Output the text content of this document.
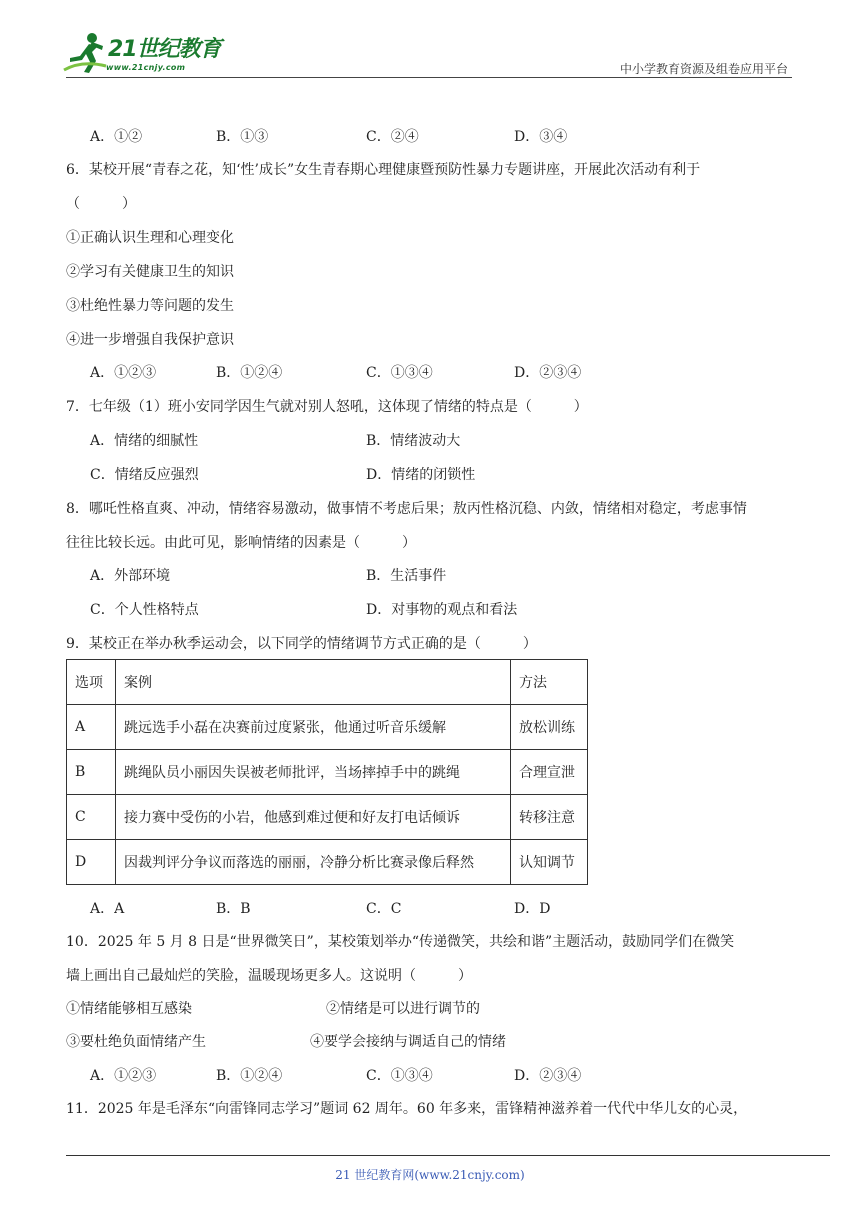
21世纪教育
www.21cnjy.com	中小学教育资源及组卷应用平台
A．①②	B．①③	C．②④	D．③④
6．某校开展“青春之花，知‘性’成长”女生青春期心理健康暨预防性暴力专题讲座，开展此次活动有利于
（　　　）
①正确认识生理和心理变化
②学习有关健康卫生的知识
③杜绝性暴力等问题的发生
④进一步增强自我保护意识
A．①②③	B．①②④	C．①③④	D．②③④
7．七年级（1）班小安同学因生气就对别人怒吼，这体现了情绪的特点是（　　　）
A．情绪的细腻性	B．情绪波动大
C．情绪反应强烈	D．情绪的闭锁性
8．哪吒性格直爽、冲动，情绪容易激动，做事情不考虑后果；敖丙性格沉稳、内敛，情绪相对稳定，考虑事情
往往比较长远。由此可见，影响情绪的因素是（　　　）
A．外部环境	B．生活事件
C．个人性格特点	D．对事物的观点和看法
9．某校正在举办秋季运动会，以下同学的情绪调节方式正确的是（　　　）
选项	案例	方法
A	跳远选手小磊在决赛前过度紧张，他通过听音乐缓解	放松训练
B	跳绳队员小丽因失误被老师批评，当场摔掉手中的跳绳	合理宣泄
C	接力赛中受伤的小岩，他感到难过便和好友打电话倾诉	转移注意
D	因裁判评分争议而落选的丽丽，冷静分析比赛录像后释然	认知调节
A．A	B．B	C．C	D．D
10．2025 年 5 月 8 日是“世界微笑日”，某校策划举办“传递微笑，共绘和谐”主题活动，鼓励同学们在微笑
墙上画出自己最灿烂的笑脸，温暖现场更多人。这说明（　　　）
①情绪能够相互感染	②情绪是可以进行调节的
③要杜绝负面情绪产生	④要学会接纳与调适自己的情绪
A．①②③	B．①②④	C．①③④	D．②③④
11．2025 年是毛泽东“向雷锋同志学习”题词 62 周年。60 年多来，雷锋精神滋养着一代代中华儿女的心灵，
21 世纪教育网(www.21cnjy.com)
